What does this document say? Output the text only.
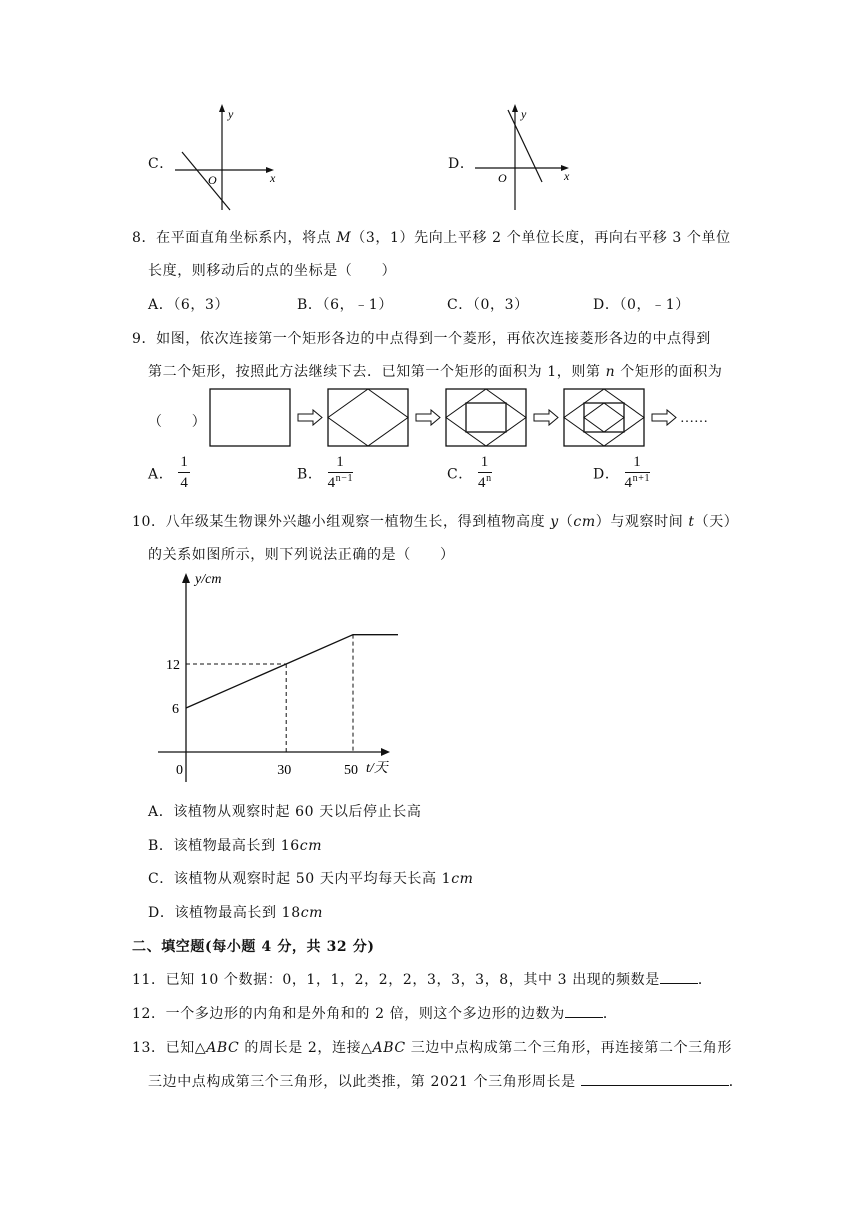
C．
y
x
O
D．
y
x
O
8．在平面直角坐标系内，将点 M（3，1）先向上平移 2 个单位长度，再向右平移 3 个单位
长度，则移动后的点的坐标是（　　）
A．（6，3）	B．（6，﹣1）	C．（0，3）	D．（0，﹣1）
9．如图，依次连接第一个矩形各边的中点得到一个菱形，再依次连接菱形各边的中点得到
第二个矩形，按照此方法继续下去．已知第一个矩形的面积为 1，则第 n 个矩形的面积为
（　　）	……
A． $\frac{1}{4}$	B． $\frac{1}{4^{n-1}}$	C． $\frac{1}{4^n}$	D． $\frac{1}{4^{n+1}}$
10．八年级某生物课外兴趣小组观察一植物生长，得到植物高度 y（cm）与观察时间 t（天）
的关系如图所示，则下列说法正确的是（　　）
0	30	50
6
12
y/cm
t/天
A．该植物从观察时起 60 天以后停止长高
B．该植物最高长到 16cm
C．该植物从观察时起 50 天内平均每天长高 1cm
D．该植物最高长到 18cm
二、填空题(每小题 4 分，共 32 分)
11．已知 10 个数据：0，1，1，2，2，2，3，3，3，8，其中 3 出现的频数是	．
12．一个多边形的内角和是外角和的 2 倍，则这个多边形的边数为	．
13．已知△ABC 的周长是 2，连接△ABC 三边中点构成第二个三角形，再连接第二个三角形
三边中点构成第三个三角形，以此类推，第 2021 个三角形周长是	．
